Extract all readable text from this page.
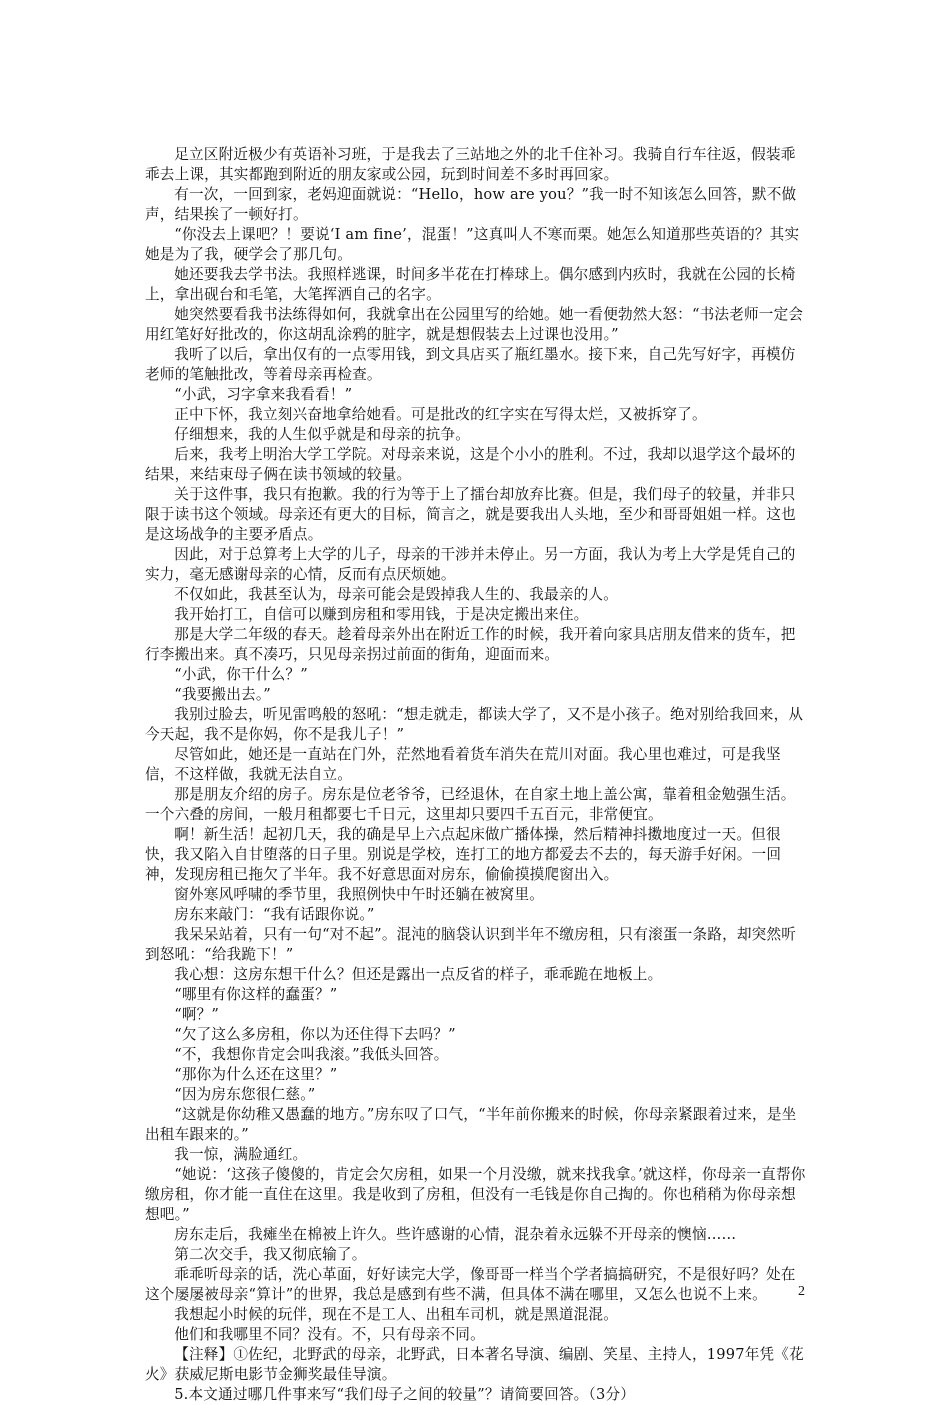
足立区附近极少有英语补习班，于是我去了三站地之外的北千住补习。我骑自行车往返，假装乖乖去上课，其实都跑到附近的朋友家或公园，玩到时间差不多时再回家。

有一次，一回到家，老妈迎面就说：“Hello，how are you？”我一时不知该怎么回答，默不做声，结果挨了一顿好打。

“你没去上课吧？！要说‘I am fine’，混蛋！”这真叫人不寒而栗。她怎么知道那些英语的？其实她是为了我，硬学会了那几句。

她还要我去学书法。我照样逃课，时间多半花在打棒球上。偶尔感到内疚时，我就在公园的长椅上，拿出砚台和毛笔，大笔挥洒自己的名字。

她突然要看我书法练得如何，我就拿出在公园里写的给她。她一看便勃然大怒：“书法老师一定会用红笔好好批改的，你这胡乱涂鸦的脏字，就是想假装去上过课也没用。”

我听了以后，拿出仅有的一点零用钱，到文具店买了瓶红墨水。接下来，自己先写好字，再模仿老师的笔触批改，等着母亲再检查。

“小武，习字拿来我看看！”

正中下怀，我立刻兴奋地拿给她看。可是批改的红字实在写得太烂，又被拆穿了。

仔细想来，我的人生似乎就是和母亲的抗争。

后来，我考上明治大学工学院。对母亲来说，这是个小小的胜利。不过，我却以退学这个最坏的结果，来结束母子俩在读书领域的较量。

关于这件事，我只有抱歉。我的行为等于上了擂台却放弃比赛。但是，我们母子的较量，并非只限于读书这个领域。母亲还有更大的目标，简言之，就是要我出人头地，至少和哥哥姐姐一样。这也是这场战争的主要矛盾点。

因此，对于总算考上大学的儿子，母亲的干涉并未停止。另一方面，我认为考上大学是凭自己的实力，毫无感谢母亲的心情，反而有点厌烦她。

不仅如此，我甚至认为，母亲可能会是毁掉我人生的、我最亲的人。

我开始打工，自信可以赚到房租和零用钱，于是决定搬出来住。

那是大学二年级的春天。趁着母亲外出在附近工作的时候，我开着向家具店朋友借来的货车，把行李搬出来。真不凑巧，只见母亲拐过前面的街角，迎面而来。

“小武，你干什么？”

“我要搬出去。”

我别过脸去，听见雷鸣般的怒吼：“想走就走，都读大学了，又不是小孩子。绝对别给我回来，从今天起，我不是你妈，你不是我儿子！”

尽管如此，她还是一直站在门外，茫然地看着货车消失在荒川对面。我心里也难过，可是我坚信，不这样做，我就无法自立。

那是朋友介绍的房子。房东是位老爷爷，已经退休，在自家土地上盖公寓，靠着租金勉强生活。一个六叠的房间，一般月租都要七千日元，这里却只要四千五百元，非常便宜。

啊！新生活！起初几天，我的确是早上六点起床做广播体操，然后精神抖擞地度过一天。但很快，我又陷入自甘堕落的日子里。别说是学校，连打工的地方都爱去不去的，每天游手好闲。一回神，发现房租已拖欠了半年。我不好意思面对房东，偷偷摸摸爬窗出入。

窗外寒风呼啸的季节里，我照例快中午时还躺在被窝里。

房东来敲门：“我有话跟你说。”

我呆呆站着，只有一句“对不起”。混沌的脑袋认识到半年不缴房租，只有滚蛋一条路，却突然听到怒吼：“给我跪下！”

我心想：这房东想干什么？但还是露出一点反省的样子，乖乖跪在地板上。

“哪里有你这样的蠢蛋？”

“啊？”

“欠了这么多房租，你以为还住得下去吗？”

“不，我想你肯定会叫我滚。”我低头回答。

“那你为什么还在这里？”

“因为房东您很仁慈。”

“这就是你幼稚又愚蠢的地方。”房东叹了口气，“半年前你搬来的时候，你母亲紧跟着过来，是坐出租车跟来的。”

我一惊，满脸通红。

“她说：‘这孩子傻傻的，肯定会欠房租，如果一个月没缴，就来找我拿。’就这样，你母亲一直帮你缴房租，你才能一直住在这里。我是收到了房租，但没有一毛钱是你自己掏的。你也稍稍为你母亲想想吧。”

房东走后，我瘫坐在棉被上许久。些许感谢的心情，混杂着永远躲不开母亲的懊恼……

第二次交手，我又彻底输了。

乖乖听母亲的话，洗心革面，好好读完大学，像哥哥一样当个学者搞搞研究，不是很好吗？处在这个屡屡被母亲“算计”的世界，我总是感到有些不满，但具体不满在哪里，又怎么也说不上来。

我想起小时候的玩伴，现在不是工人、出租车司机，就是黑道混混。

他们和我哪里不同？没有。不，只有母亲不同。

【注释】①佐纪，北野武的母亲，北野武，日本著名导演、编剧、笑星、主持人，1997年凭《花火》获威尼斯电影节金狮奖最佳导演。

5.本文通过哪几件事来写“我们母子之间的较量”？请简要回答。（3分）

2
